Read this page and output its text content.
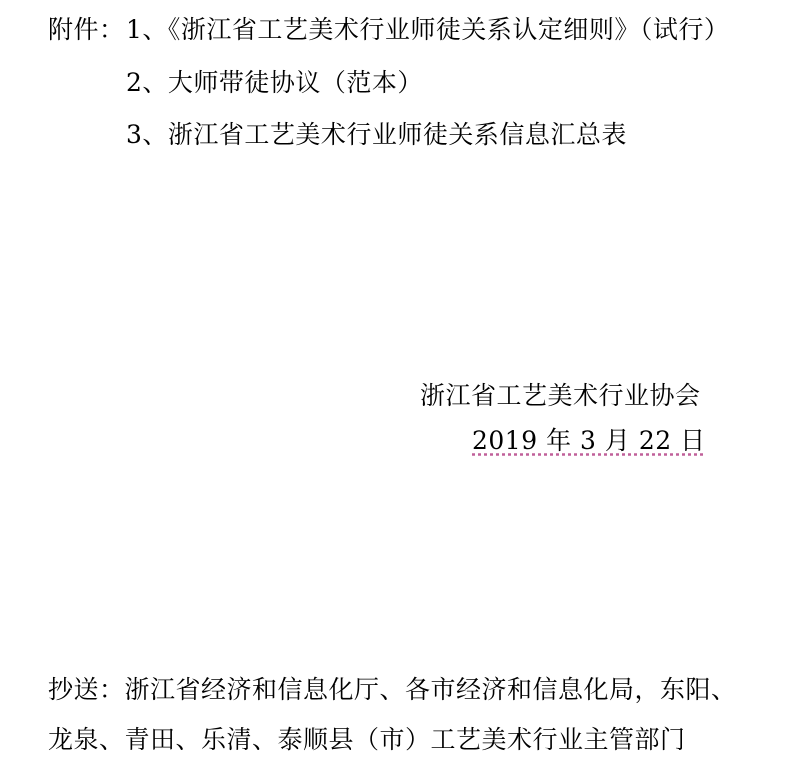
附件： 1、《浙江省工艺美术行业师徒关系认定细则》（试行）
2、大师带徒协议（范本）
3、浙江省工艺美术行业师徒关系信息汇总表
浙江省工艺美术行业协会
2019 年 3 月 22 日
抄送：浙江省经济和信息化厅、各市经济和信息化局，东阳、
龙泉、青田、乐清、泰顺县（市）工艺美术行业主管部门
